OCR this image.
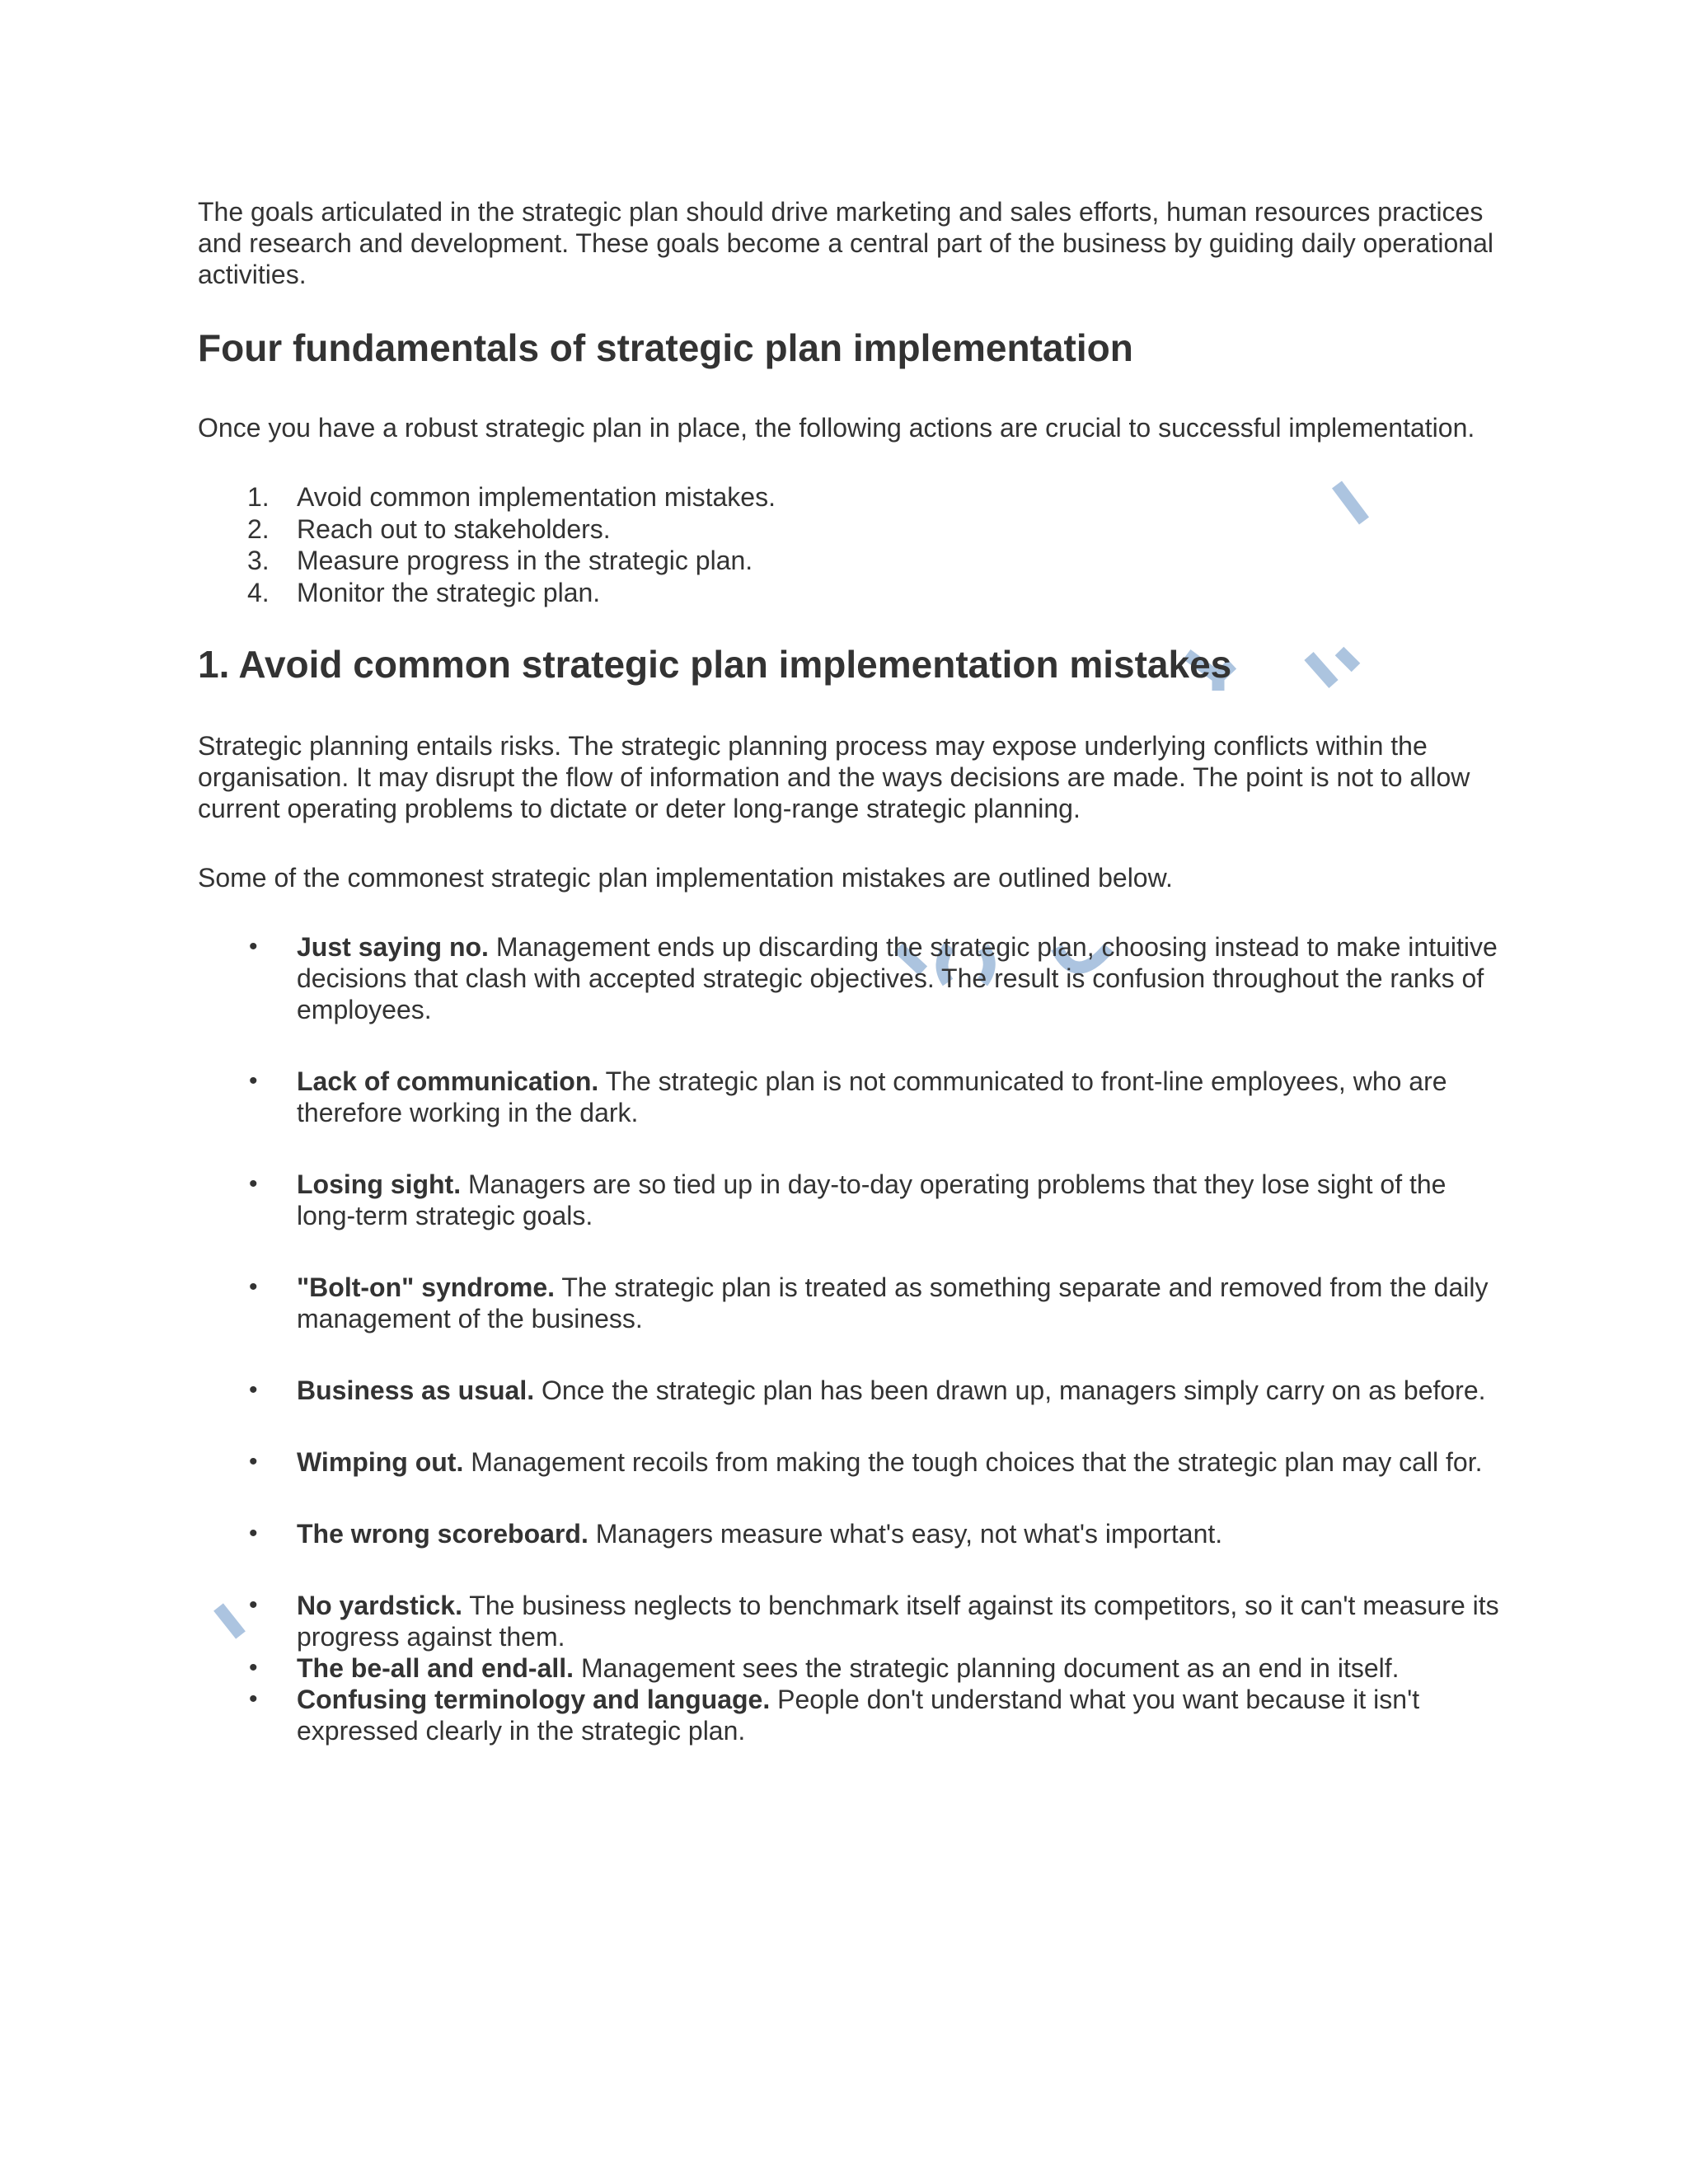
The goals articulated in the strategic plan should drive marketing and sales efforts, human resources practices and research and development. These goals become a central part of the business by guiding daily operational activities.

Four fundamentals of strategic plan implementation

Once you have a robust strategic plan in place, the following actions are crucial to successful implementation.

1. Avoid common implementation mistakes.
2. Reach out to stakeholders.
3. Measure progress in the strategic plan.
4. Monitor the strategic plan.
1. Avoid common strategic plan implementation mistakes

Strategic planning entails risks. The strategic planning process may expose underlying conflicts within the organisation. It may disrupt the flow of information and the ways decisions are made. The point is not to allow current operating problems to dictate or deter long-range strategic planning.

Some of the commonest strategic plan implementation mistakes are outlined below.

• Just saying no. Management ends up discarding the strategic plan, choosing instead to make intuitive decisions that clash with accepted strategic objectives. The result is confusion throughout the ranks of employees.
• Lack of communication. The strategic plan is not communicated to front-line employees, who are therefore working in the dark.
• Losing sight. Managers are so tied up in day-to-day operating problems that they lose sight of the long-term strategic goals.
• "Bolt-on" syndrome. The strategic plan is treated as something separate and removed from the daily management of the business.
• Business as usual. Once the strategic plan has been drawn up, managers simply carry on as before.
• Wimping out. Management recoils from making the tough choices that the strategic plan may call for.
• The wrong scoreboard. Managers measure what's easy, not what's important.
• No yardstick. The business neglects to benchmark itself against its competitors, so it can't measure its progress against them.
• The be-all and end-all. Management sees the strategic planning document as an end in itself.
• Confusing terminology and language. People don't understand what you want because it isn't expressed clearly in the strategic plan.
